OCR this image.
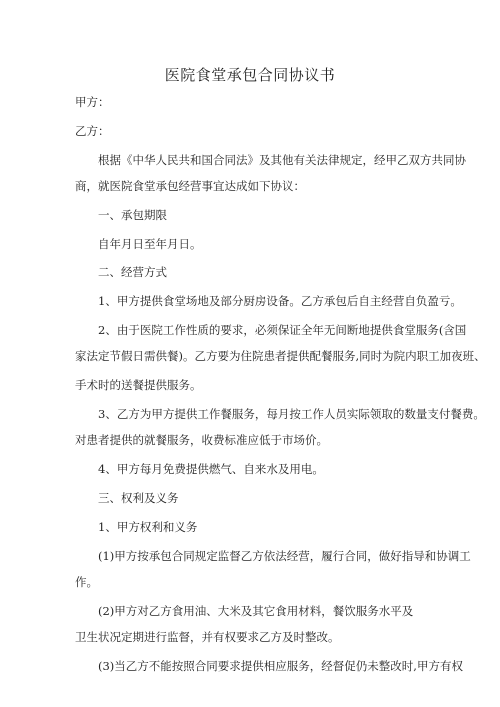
医院食堂承包合同协议书
甲方：
乙方：
根据《中华人民共和国合同法》及其他有关法律规定，经甲乙双方共同协
商，就医院食堂承包经营事宜达成如下协议：
一、承包期限
自年月日至年月日。
二、经营方式
1、甲方提供食堂场地及部分厨房设备。乙方承包后自主经营自负盈亏。
2、由于医院工作性质的要求，必须保证全年无间断地提供食堂服务(含国
家法定节假日需供餐)。乙方要为住院患者提供配餐服务,同时为院内职工加夜班、
手术时的送餐提供服务。
3、乙方为甲方提供工作餐服务，每月按工作人员实际领取的数量支付餐费。
对患者提供的就餐服务，收费标准应低于市场价。
4、甲方每月免费提供燃气、自来水及用电。
三、权利及义务
1、甲方权利和义务
(1)甲方按承包合同规定监督乙方依法经营，履行合同，做好指导和协调工
作。
(2)甲方对乙方食用油、大米及其它食用材料，餐饮服务水平及
卫生状况定期进行监督，并有权要求乙方及时整改。
(3)当乙方不能按照合同要求提供相应服务，经督促仍未整改时,甲方有权
